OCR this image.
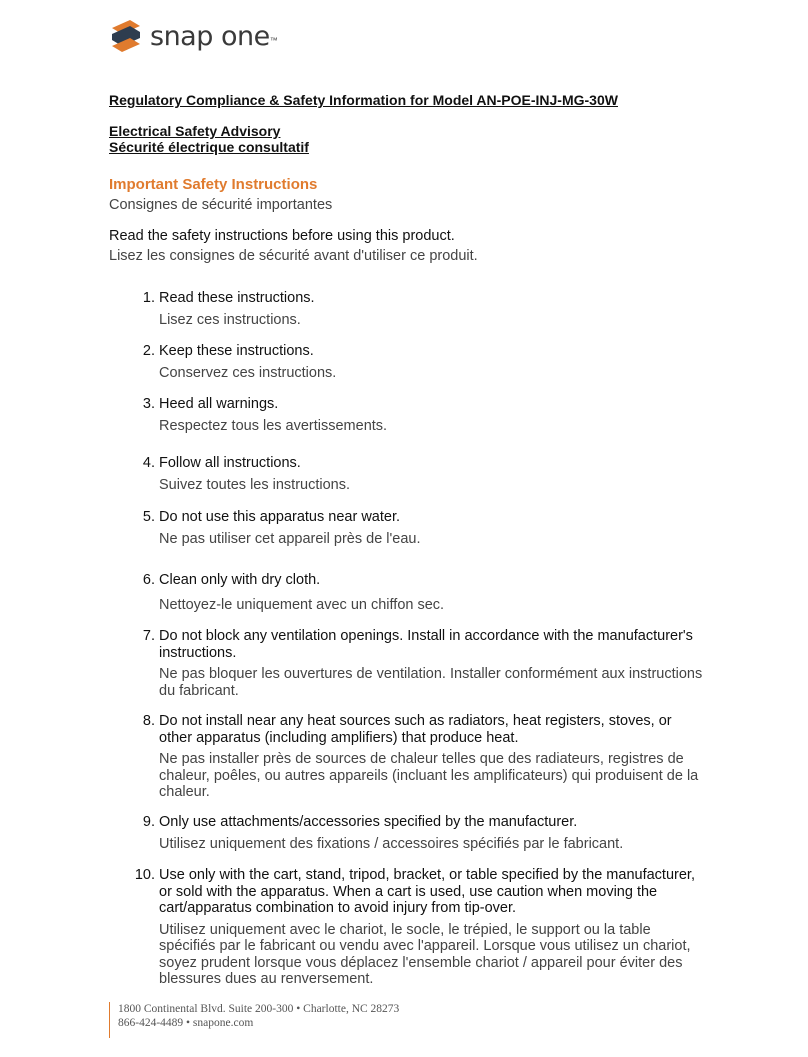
snap one ™

Regulatory Compliance & Safety Information for Model AN-POE-INJ-MG-30W

Electrical Safety Advisory

Sécurité électrique consultatif

Important Safety Instructions
Consignes de sécurité importantes
Read the safety instructions before using this product.
Lisez les consignes de sécurité avant d'utiliser ce produit.
1. Read these instructions.
Lisez ces instructions.
2. Keep these instructions.
Conservez ces instructions.
3. Heed all warnings.
Respectez tous les avertissements.
4. Follow all instructions.
Suivez toutes les instructions.
5. Do not use this apparatus near water.
Ne pas utiliser cet appareil près de l'eau.
6. Clean only with dry cloth.
Nettoyez-le uniquement avec un chiffon sec.
7. Do not block any ventilation openings. Install in accordance with the manufacturer's instructions.
Ne pas bloquer les ouvertures de ventilation. Installer conformément aux instructions du fabricant.
8. Do not install near any heat sources such as radiators, heat registers, stoves, or other apparatus (including amplifiers) that produce heat.
Ne pas installer près de sources de chaleur telles que des radiateurs, registres de chaleur, poêles, ou autres appareils (incluant les amplificateurs) qui produisent de la chaleur.
9. Only use attachments/accessories specified by the manufacturer.
Utilisez uniquement des fixations / accessoires spécifiés par le fabricant.
10. Use only with the cart, stand, tripod, bracket, or table specified by the manufacturer, or sold with the apparatus. When a cart is used, use caution when moving the cart/apparatus combination to avoid injury from tip-over.
Utilisez uniquement avec le chariot, le socle, le trépied, le support ou la table spécifiés par le fabricant ou vendu avec l'appareil. Lorsque vous utilisez un chariot, soyez prudent lorsque vous déplacez l'ensemble chariot / appareil pour éviter des blessures dues au renversement.
1800 Continental Blvd. Suite 200-300 • Charlotte, NC 28273
866-424-4489 • snapone.com
